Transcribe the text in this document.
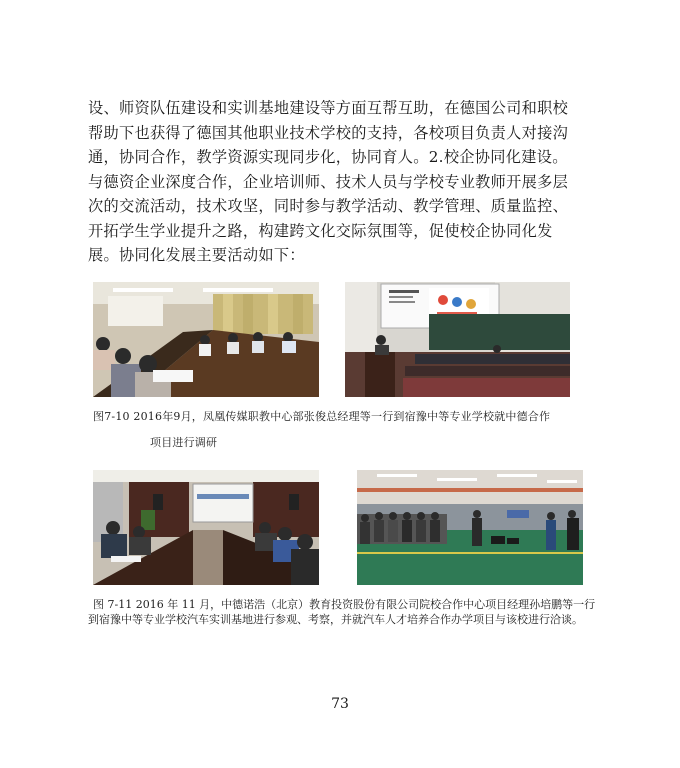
设、师资队伍建设和实训基地建设等方面互帮互助，在德国公司和职校

帮助下也获得了德国其他职业技术学校的支持，各校项目负责人对接沟

通，协同合作，教学资源实现同步化，协同育人。2.校企协同化建设。

与德资企业深度合作，企业培训师、技术人员与学校专业教师开展多层

次的交流活动，技术攻坚，同时参与教学活动、教学管理、质量监控、

开拓学生学业提升之路，构建跨文化交际氛围等，促使校企协同化发

展。协同化发展主要活动如下：

图7-10 2016年9月，凤凰传媒职教中心部张俊总经理等一行到宿豫中等专业学校就中德合作
项目进行调研
图 7-11 2016 年 11 月，中德诺浩（北京）教育投资股份有限公司院校合作中心项目经理孙培鹏等一行
到宿豫中等专业学校汽车实训基地进行参观、考察，并就汽车人才培养合作办学项目与该校进行洽谈。
73
